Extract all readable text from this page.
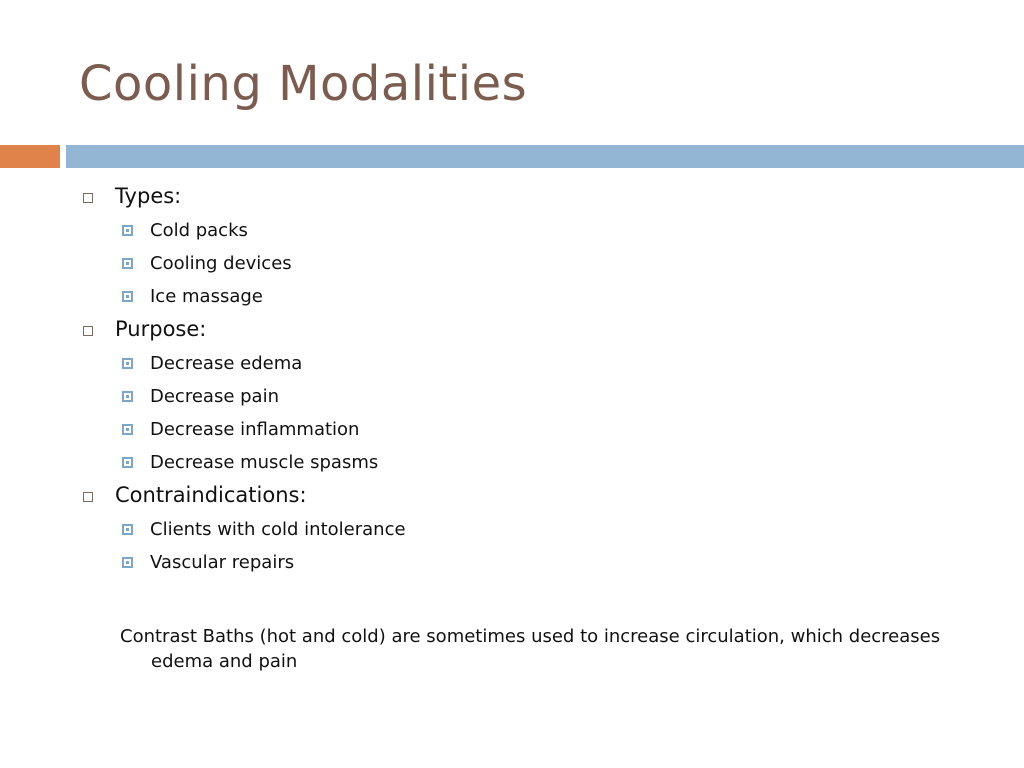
Cooling Modalities
Types:
Cold packs
Cooling devices
Ice massage
Purpose:
Decrease edema
Decrease pain
Decrease inflammation
Decrease muscle spasms
Contraindications:
Clients with cold intolerance
Vascular repairs
Contrast Baths (hot and cold) are sometimes used to increase circulation, which decreases edema and pain
